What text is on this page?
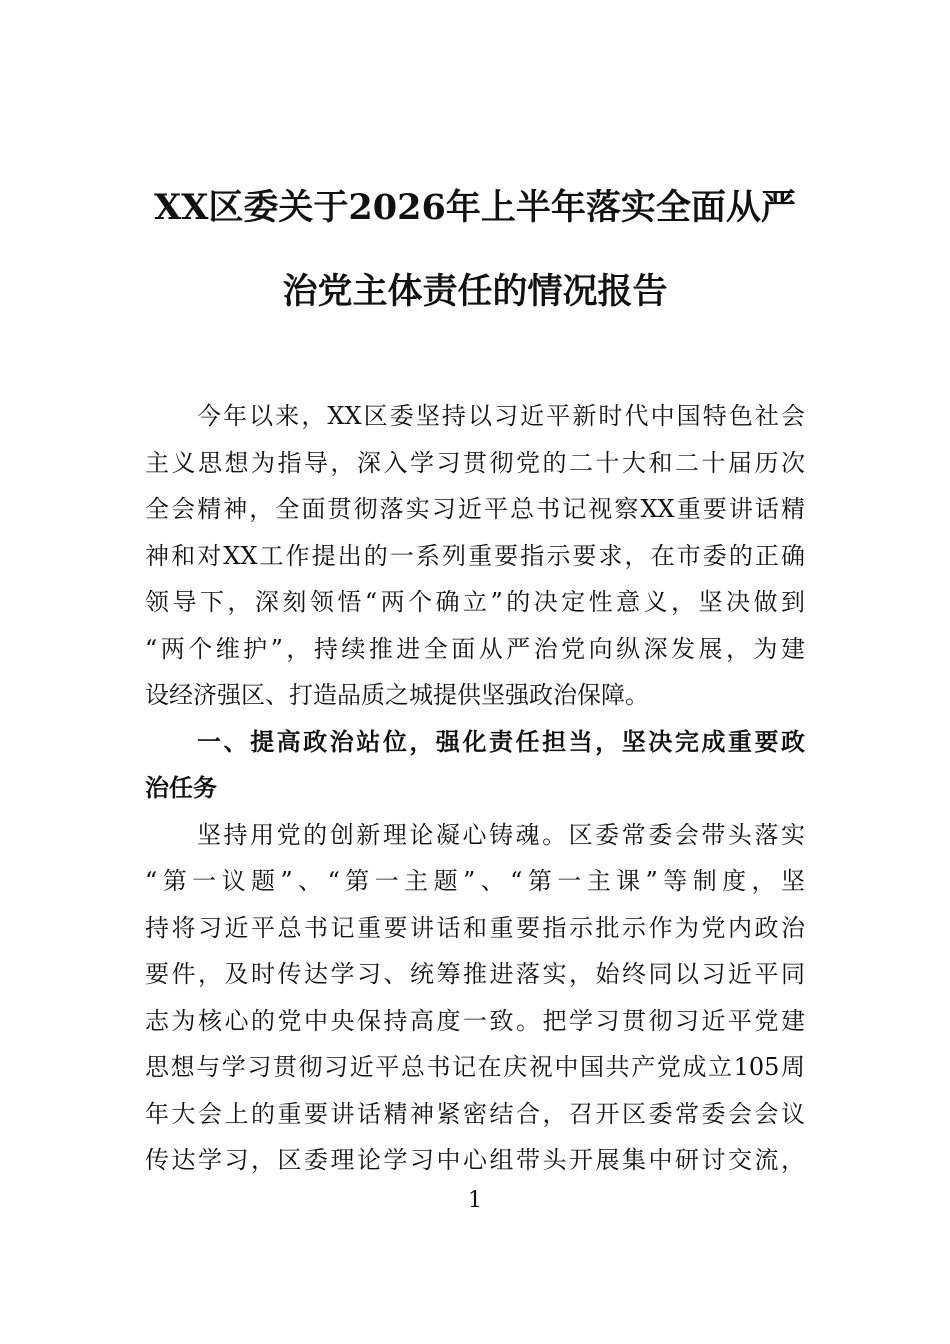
XX区委关于2026年上半年落实全面从严
治党主体责任的情况报告
今年以来，XX区委坚持以习近平新时代中国特色社会
主义思想为指导，深入学习贯彻党的二十大和二十届历次
全会精神，全面贯彻落实习近平总书记视察XX重要讲话精
神和对XX工作提出的一系列重要指示要求，在市委的正确
领导下，深刻领悟“两个确立”的决定性意义，坚决做到
“两个维护”，持续推进全面从严治党向纵深发展，为建
设经济强区、打造品质之城提供坚强政治保障。
一、提高政治站位，强化责任担当，坚决完成重要政
治任务
坚持用党的创新理论凝心铸魂。区委常委会带头落实
“第一议题”、“第一主题”、“第一主课”等制度，坚
持将习近平总书记重要讲话和重要指示批示作为党内政治
要件，及时传达学习、统筹推进落实，始终同以习近平同
志为核心的党中央保持高度一致。把学习贯彻习近平党建
思想与学习贯彻习近平总书记在庆祝中国共产党成立105周
年大会上的重要讲话精神紧密结合，召开区委常委会会议
传达学习，区委理论学习中心组带头开展集中研讨交流，
1
